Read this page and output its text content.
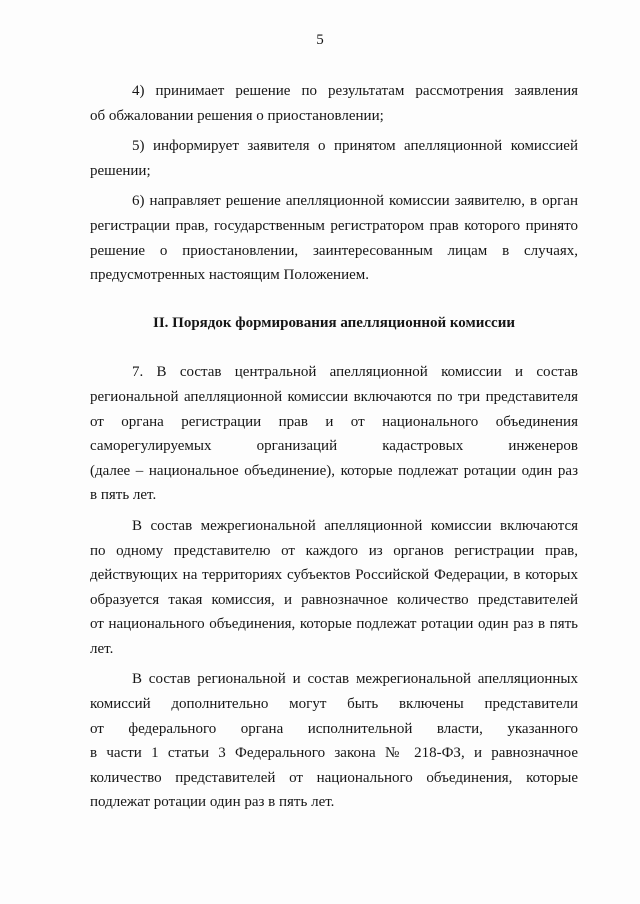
5

4) принимает решение по результатам рассмотрения заявления
об обжаловании решения о приостановлении;

5) информирует заявителя о принятом апелляционной комиссией
решении;

6) направляет решение апелляционной комиссии заявителю, в орган
регистрации прав, государственным регистратором прав которого принято
решение о приостановлении, заинтересованным лицам в случаях,
предусмотренных настоящим Положением.

II. Порядок формирования апелляционной комиссии

7. В состав центральной апелляционной комиссии и состав
региональной апелляционной комиссии включаются по три представителя
от органа регистрации прав и от национального объединения
саморегулируемых организаций кадастровых инженеров
(далее – национальное объединение), которые подлежат ротации один раз
в пять лет.

В состав межрегиональной апелляционной комиссии включаются
по одному представителю от каждого из органов регистрации прав,
действующих на территориях субъектов Российской Федерации, в которых
образуется такая комиссия, и равнозначное количество представителей
от национального объединения, которые подлежат ротации один раз в пять
лет.

В состав региональной и состав межрегиональной апелляционных
комиссий дополнительно могут быть включены представители
от федерального органа исполнительной власти, указанного
в части 1 статьи 3 Федерального закона № 218-ФЗ, и равнозначное
количество представителей от национального объединения, которые
подлежат ротации один раз в пять лет.
